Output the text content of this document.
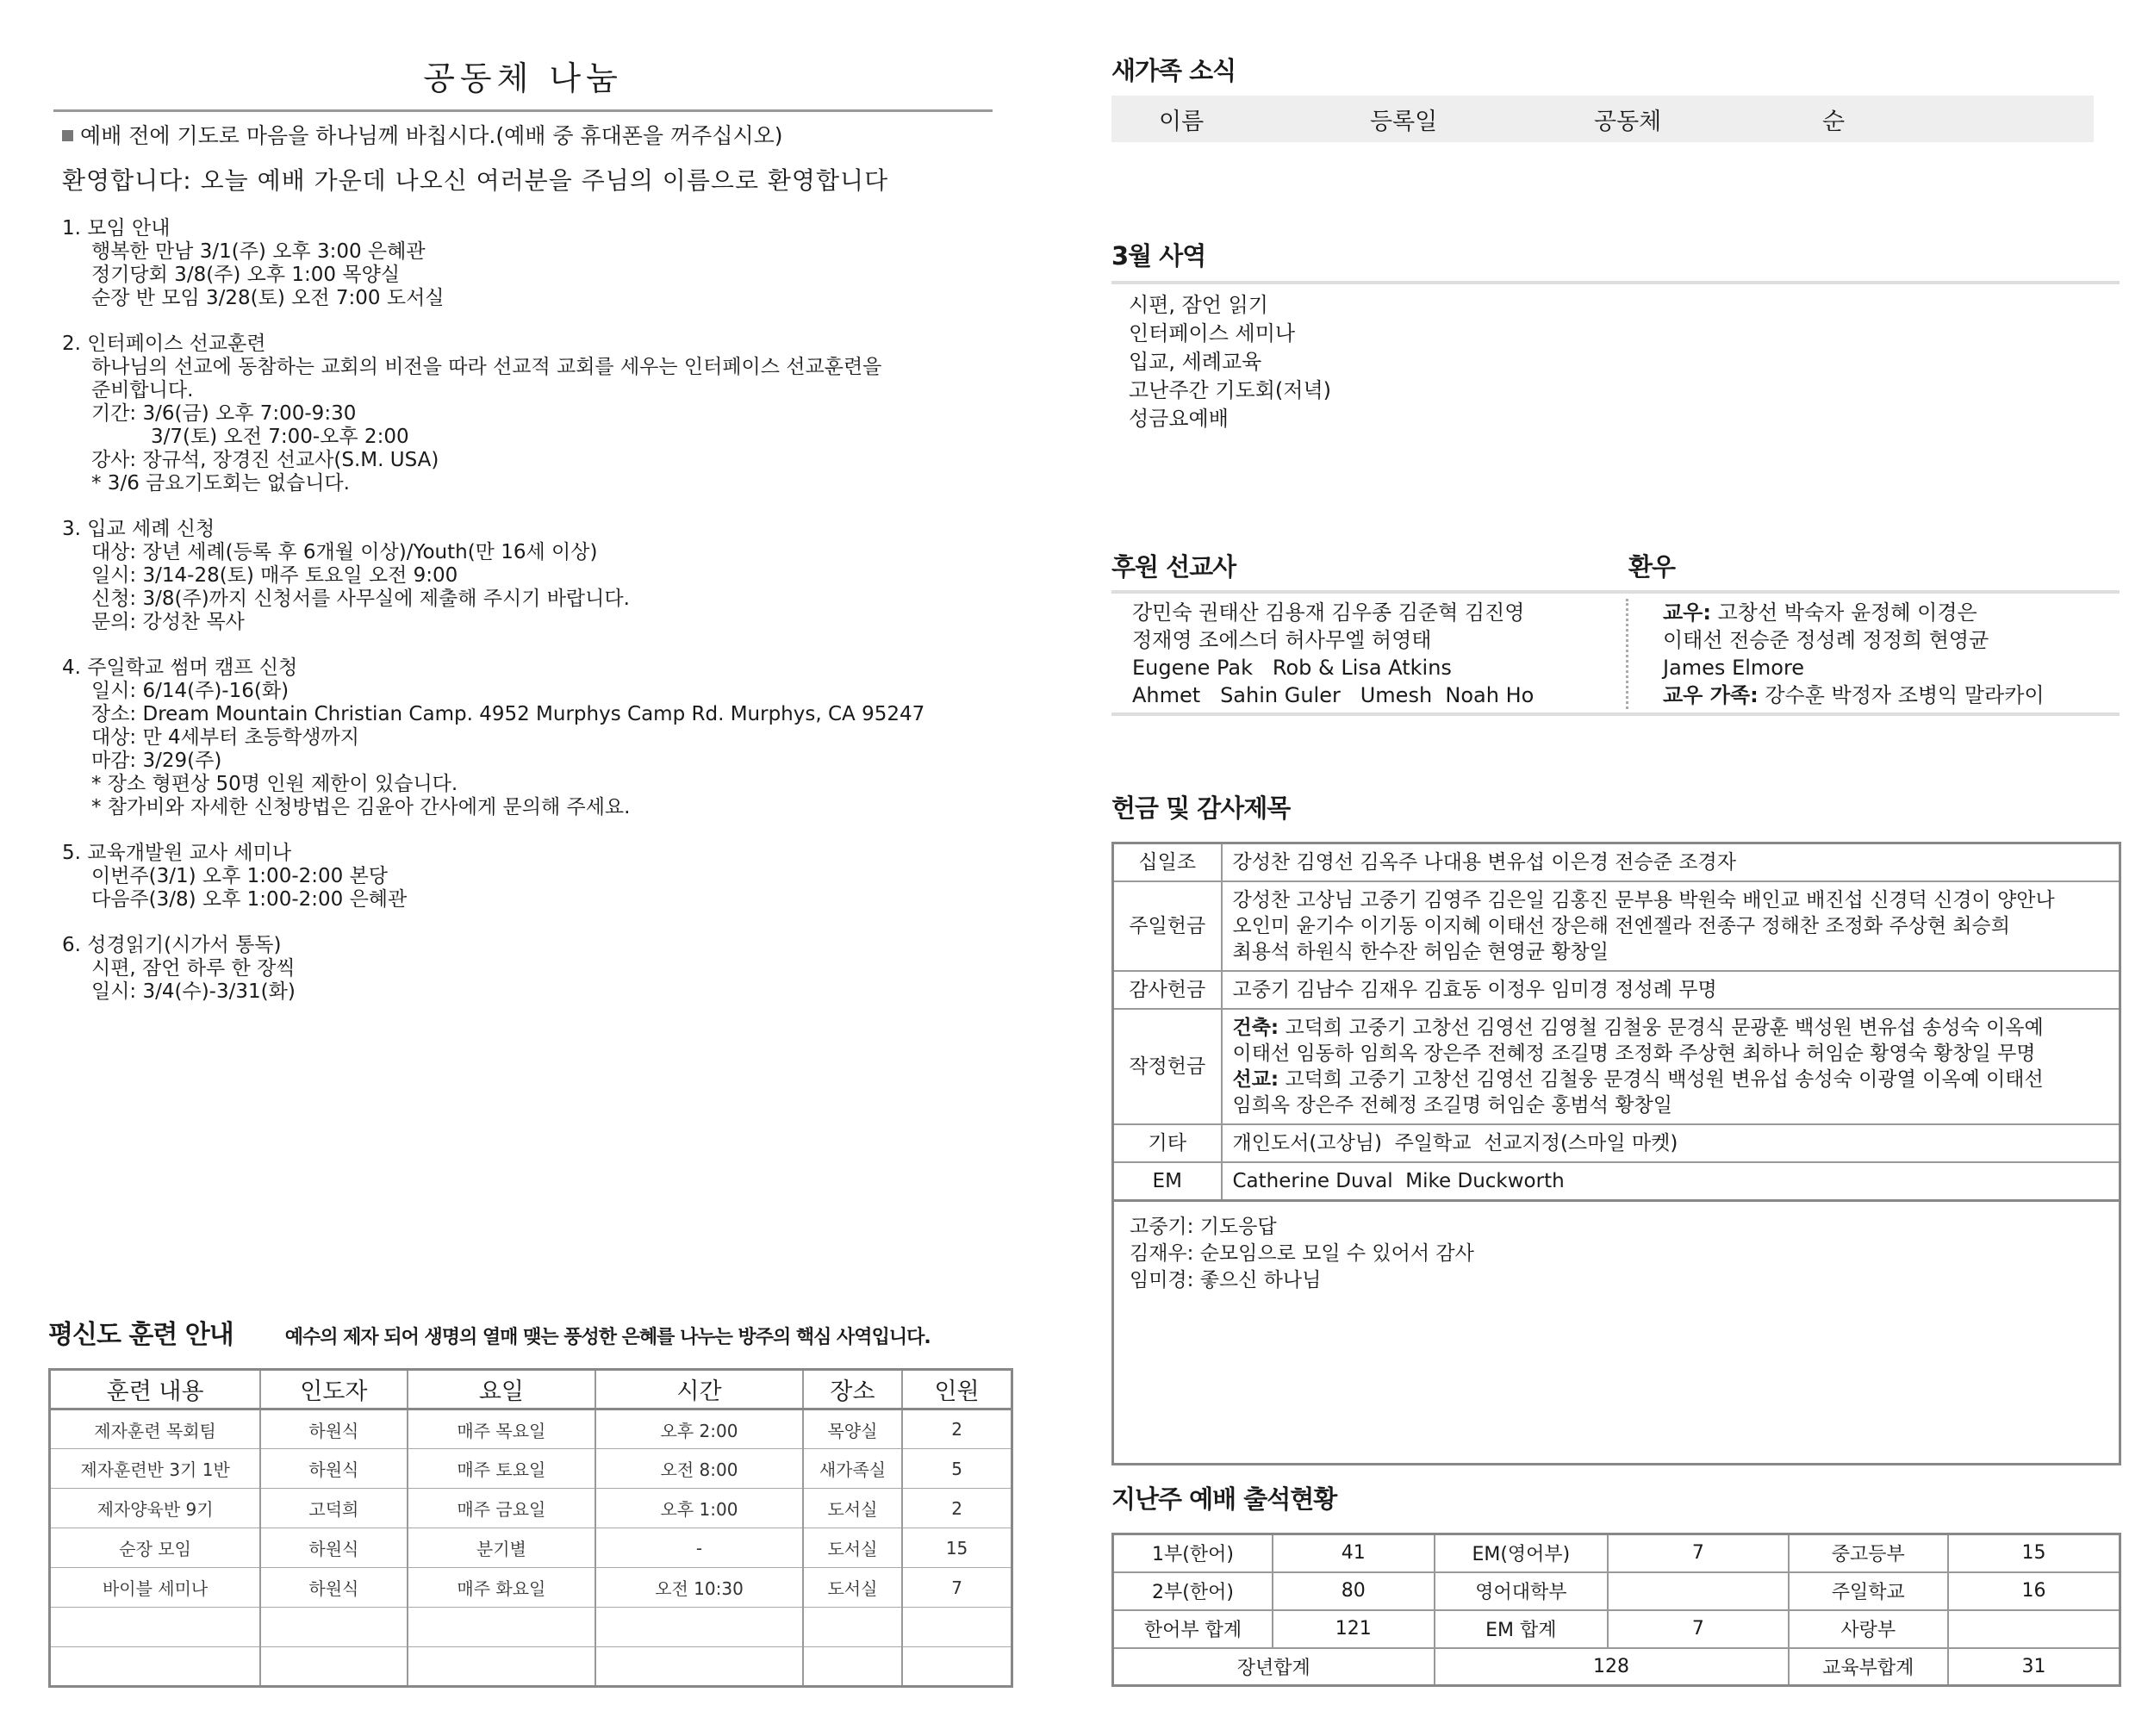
공동체 나눔
예배 전에 기도로 마음을 하나님께 바칩시다.(예배 중 휴대폰을 꺼주십시오)
환영합니다: 오늘 예배 가운데 나오신 여러분을 주님의 이름으로 환영합니다
1. 모임 안내
행복한 만남 3/1(주) 오후 3:00 은혜관
정기당회 3/8(주) 오후 1:00 목양실
순장 반 모임 3/28(토) 오전 7:00 도서실
2. 인터페이스 선교훈련
하나님의 선교에 동참하는 교회의 비전을 따라 선교적 교회를 세우는 인터페이스 선교훈련을
준비합니다.
기간: 3/6(금) 오후 7:00-9:30
3/7(토) 오전 7:00-오후 2:00
강사: 장규석, 장경진 선교사(S.M. USA)
* 3/6 금요기도회는 없습니다.
3. 입교 세례 신청
대상: 장년 세례(등록 후 6개월 이상)/Youth(만 16세 이상)
일시: 3/14-28(토) 매주 토요일 오전 9:00
신청: 3/8(주)까지 신청서를 사무실에 제출해 주시기 바랍니다.
문의: 강성찬 목사
4. 주일학교 썸머 캠프 신청
일시: 6/14(주)-16(화)
장소: Dream Mountain Christian Camp. 4952 Murphys Camp Rd. Murphys, CA 95247
대상: 만 4세부터 초등학생까지
마감: 3/29(주)
* 장소 형편상 50명 인원 제한이 있습니다.
* 참가비와 자세한 신청방법은 김윤아 간사에게 문의해 주세요.
5. 교육개발원 교사 세미나
이번주(3/1) 오후 1:00-2:00 본당
다음주(3/8) 오후 1:00-2:00 은혜관
6. 성경읽기(시가서 통독)
시편, 잠언 하루 한 장씩
일시: 3/4(수)-3/31(화)
평신도 훈련 안내	예수의 제자 되어 생명의 열매 맺는 풍성한 은혜를 나누는 방주의 핵심 사역입니다.
훈련 내용	인도자	요일	시간	장소	인원
제자훈련 목회팀	하원식	매주 목요일	오후 2:00	목양실	2
제자훈련반 3기 1반	하원식	매주 토요일	오전 8:00	새가족실	5
제자양육반 9기	고덕희	매주 금요일	오후 1:00	도서실	2
순장 모임	하원식	분기별	-	도서실	15
바이블 세미나	하원식	매주 화요일	오전 10:30	도서실	7

새가족 소식
이름	등록일	공동체	순
3월 사역
시편, 잠언 읽기
인터페이스 세미나
입교, 세례교육
고난주간 기도회(저녁)
성금요예배
후원 선교사	환우
강민숙 권태산 김용재 김우종 김준혁 김진영
정재영 조에스더 허사무엘 허영태
Eugene Pak   Rob & Lisa Atkins
Ahmet   Sahin Guler   Umesh  Noah Ho
교우: 고창선 박숙자 윤정혜 이경은
이태선 전승준 정성례 정정희 현영균
James Elmore
교우 가족: 강수훈 박정자 조병익 말라카이
헌금 및 감사제목
십일조	강성찬 김영선 김옥주 나대용 변유섭 이은경 전승준 조경자

주일헌금	강성찬 고상님 고중기 김영주 김은일 김홍진 문부용 박원숙 배인교 배진섭 신경덕 신경이 양안나
오인미 윤기수 이기동 이지혜 이태선 장은해 전엔젤라 전종구 정해찬 조정화 주상현 최승희
최용석 하원식 한수잔 허임순 현영균 황창일

감사헌금	고중기 김남수 김재우 김효동 이정우 임미경 정성례 무명

작정헌금	건축: 고덕희 고중기 고창선 김영선 김영철 김철웅 문경식 문광훈 백성원 변유섭 송성숙 이옥예
이태선 임동하 임희옥 장은주 전혜정 조길명 조정화 주상현 최하나 허임순 황영숙 황창일 무명
선교: 고덕희 고중기 고창선 김영선 김철웅 문경식 백성원 변유섭 송성숙 이광열 이옥예 이태선
임희옥 장은주 전혜정 조길명 허임순 홍범석 황창일

기타	개인도서(고상님)  주일학교  선교지정(스마일 마켓)

EM	Catherine Duval  Mike Duckworth
고중기: 기도응답
김재우: 순모임으로 모일 수 있어서 감사
임미경: 좋으신 하나님
지난주 예배 출석현황
1부(한어)	41	EM(영어부)	7	중고등부	15
2부(한어)	80	영어대학부		주일학교	16
한어부 합계	121	EM 합계	7	사랑부	
장년합계		128		교육부합계	31
